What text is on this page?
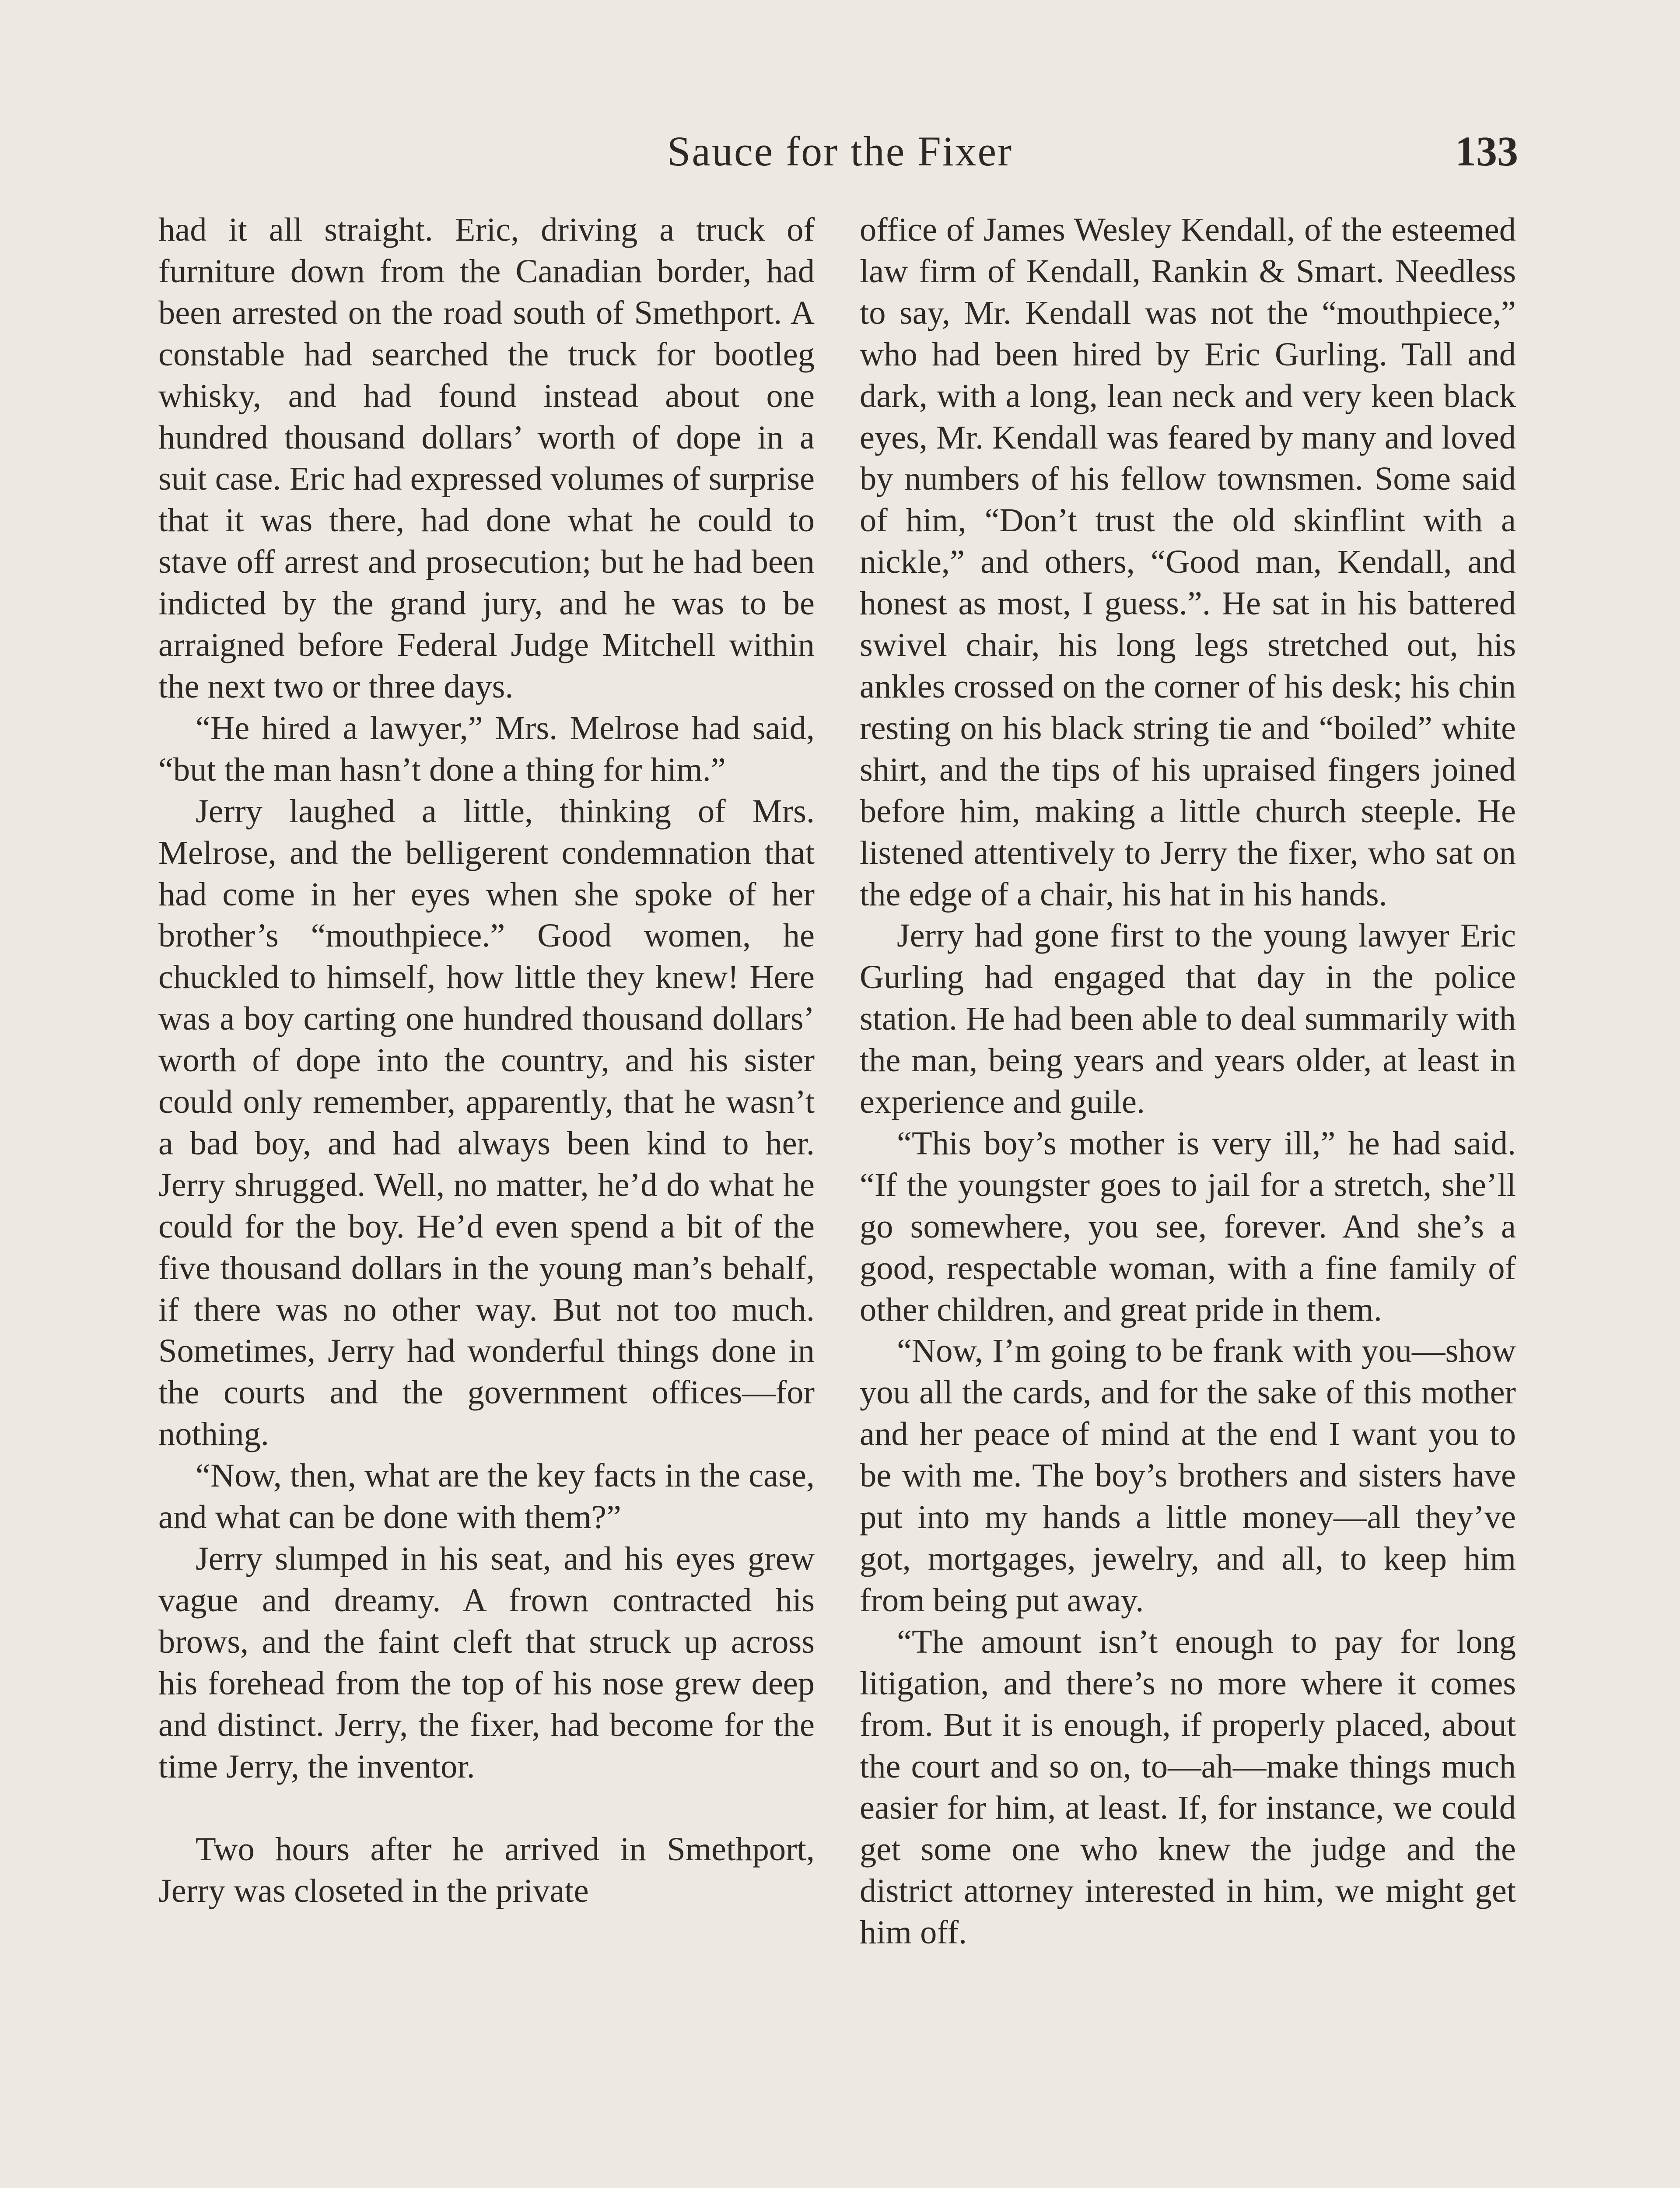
Sauce for the Fixer	133

had it all straight. Eric, driving a truck of furniture down from the Canadian border, had been arrested on the road south of Smethport. A constable had searched the truck for bootleg whisky, and had found instead about one hundred thousand dollars’ worth of dope in a suit case. Eric had expressed volumes of surprise that it was there, had done what he could to stave off arrest and prosecution; but he had been indicted by the grand jury, and he was to be arraigned before Federal Judge Mitchell within the next two or three days.

“He hired a lawyer,” Mrs. Melrose had said, “but the man hasn’t done a thing for him.”

Jerry laughed a little, thinking of Mrs. Melrose, and the belligerent condemnation that had come in her eyes when she spoke of her brother’s “mouthpiece.” Good women, he chuckled to himself, how little they knew! Here was a boy carting one hundred thousand dollars’ worth of dope into the country, and his sister could only remember, apparently, that he wasn’t a bad boy, and had always been kind to her. Jerry shrugged. Well, no matter, he’d do what he could for the boy. He’d even spend a bit of the five thousand dollars in the young man’s behalf, if there was no other way. But not too much. Sometimes, Jerry had wonderful things done in the courts and the government offices—for nothing.

“Now, then, what are the key facts in the case, and what can be done with them?”

Jerry slumped in his seat, and his eyes grew vague and dreamy. A frown contracted his brows, and the faint cleft that struck up across his forehead from the top of his nose grew deep and distinct. Jerry, the fixer, had become for the time Jerry, the inventor.

Two hours after he arrived in Smethport, Jerry was closeted in the private

office of James Wesley Kendall, of the esteemed law firm of Kendall, Rankin & Smart. Needless to say, Mr. Kendall was not the “mouthpiece,” who had been hired by Eric Gurling. Tall and dark, with a long, lean neck and very keen black eyes, Mr. Kendall was feared by many and loved by numbers of his fellow townsmen. Some said of him, “Don’t trust the old skinflint with a nickle,” and others, “Good man, Kendall, and honest as most, I guess.”. He sat in his battered swivel chair, his long legs stretched out, his ankles crossed on the corner of his desk; his chin resting on his black string tie and “boiled” white shirt, and the tips of his upraised fingers joined before him, making a little church steeple. He listened attentively to Jerry the fixer, who sat on the edge of a chair, his hat in his hands.

Jerry had gone first to the young lawyer Eric Gurling had engaged that day in the police station. He had been able to deal summarily with the man, being years and years older, at least in experience and guile.

“This boy’s mother is very ill,” he had said. “If the youngster goes to jail for a stretch, she’ll go somewhere, you see, forever. And she’s a good, respectable woman, with a fine family of other children, and great pride in them.

“Now, I’m going to be frank with you—show you all the cards, and for the sake of this mother and her peace of mind at the end I want you to be with me. The boy’s brothers and sisters have put into my hands a little money—all they’ve got, mortgages, jewelry, and all, to keep him from being put away.

“The amount isn’t enough to pay for long litigation, and there’s no more where it comes from. But it is enough, if properly placed, about the court and so on, to—ah—make things much easier for him, at least. If, for instance, we could get some one who knew the judge and the district attorney interested in him, we might get him off.
